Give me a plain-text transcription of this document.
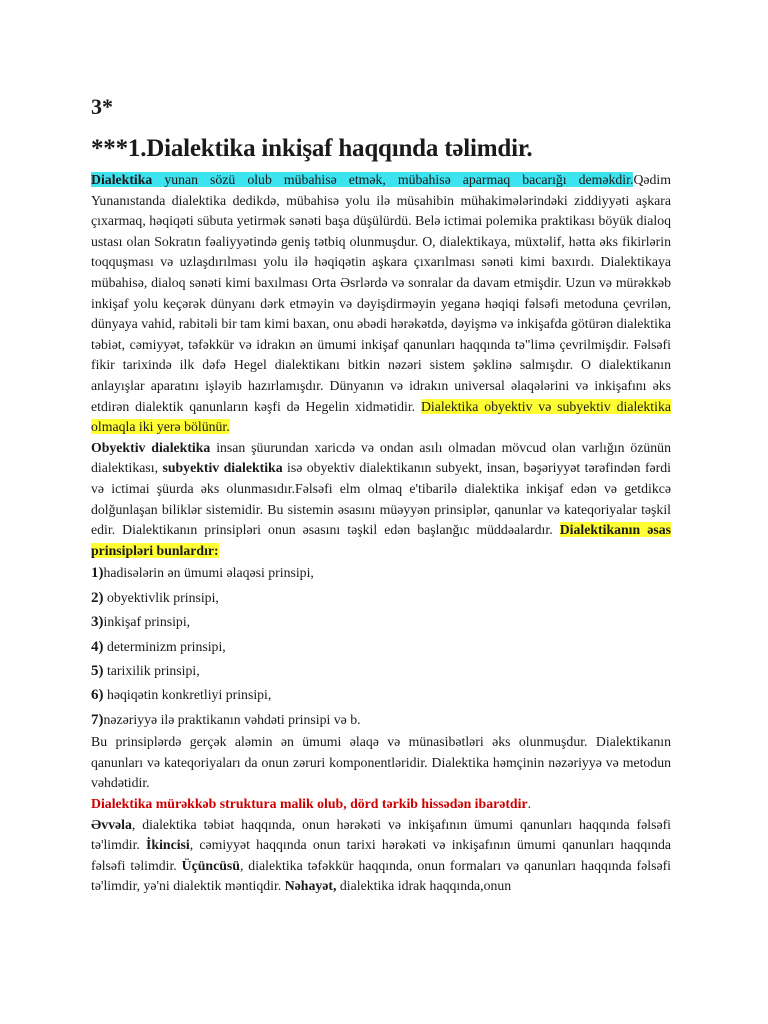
3*
***1.Dialektika inkişaf haqqında təlimdir.

Dialektika yunan sözü olub mübahisə etmək, mübahisə aparmaq bacarığı deməkdir.Qədim Yunanıstanda dialektika dedikdə, mübahisə yolu ilə müsahibin mühakimələrindəki ziddiyyəti aşkara çıxarmaq, həqiqəti sübuta yetirmək sənəti başa düşülürdü. Belə ictimai polemika praktikası böyük dialoq ustası olan Sokratın fəaliyyətində geniş tətbiq olunmuşdur. O, dialektikaya, müxtəlif, hətta əks fikirlərin toqquşması və uzlaşdırılması yolu ilə həqiqətin aşkara çıxarılması sənəti kimi baxırdı. Dialektikaya mübahisə, dialoq sənəti kimi baxılması Orta Əsrlərdə və sonralar da davam etmişdir. Uzun və mürəkkəb inkişaf yolu keçərək dünyanı dərk etməyin və dəyişdirməyin yeganə həqiqi fəlsəfi metoduna çevrilən, dünyaya vahid, rabitəli bir tam kimi baxan, onu əbədi hərəkətdə, dəyişmə və inkişafda götürən dialektika təbiət, cəmiyyət, təfəkkür və idrakın ən ümumi inkişaf qanunları haqqında tə"limə çevrilmişdir. Fəlsəfi fikir tarixində ilk dəfə Hegel dialektikanı bitkin nəzəri sistem şəklinə salmışdır. O dialektikanın anlayışlar aparatını işləyib hazırlamışdır. Dünyanın və idrakın universal əlaqələrini və inkişafını əks etdirən dialektik qanunların kəşfi də Hegelin xidmətidir. Dialektika obyektiv və subyektiv dialektika olmaqla iki yerə bölünür.

Obyektiv dialektika insan şüurundan xaricdə və ondan asılı olmadan mövcud olan varlığın özünün dialektikası, subyektiv dialektika isə obyektiv dialektikanın subyekt, insan, bəşəriyyət tərəfindən fərdi və ictimai şüurda əks olunmasıdır.Fəlsəfi elm olmaq e'tibarilə dialektika inkişaf edən və getdikcə dolğunlaşan biliklər sistemidir. Bu sistemin əsasını müəyyən prinsiplər, qanunlar və kateqoriyalar təşkil edir. Dialektikanın prinsipləri onun əsasını təşkil edən başlanğıc müddəalardır. Dialektikanın əsas prinsipləri bunlardır:

1)hadisələrin ən ümumi əlaqəsi prinsipi,
2) obyektivlik prinsipi,
3)inkişaf prinsipi,
4) determinizm prinsipi,
5) tarixilik prinsipi,
6) həqiqətin konkretliyi prinsipi,
7)nəzəriyyə ilə praktikanın vəhdəti prinsipi və b.

Bu prinsiplərdə gerçək aləmin ən ümumi əlaqə və münasibətləri əks olunmuşdur. Dialektikanın qanunları və kateqoriyaları da onun zəruri komponentləridir. Dialektika həmçinin nəzəriyyə və metodun vəhdətidir.

Dialektika mürəkkəb struktura malik olub, dörd tərkib hissədən ibarətdir.
Əvvəla, dialektika təbiət haqqında, onun hərəkəti və inkişafının ümumi qanunları haqqında fəlsəfi tə'limdir. İkincisi, cəmiyyət haqqında onun tarixi hərəkəti və inkişafının ümumi qanunları haqqında fəlsəfi təlimdir. Üçüncüsü, dialektika təfəkkür haqqında, onun formaları və qanunları haqqında fəlsəfi tə'limdir, yə'ni dialektik məntiqdir. Nəhayət, dialektika idrak haqqında,onun
